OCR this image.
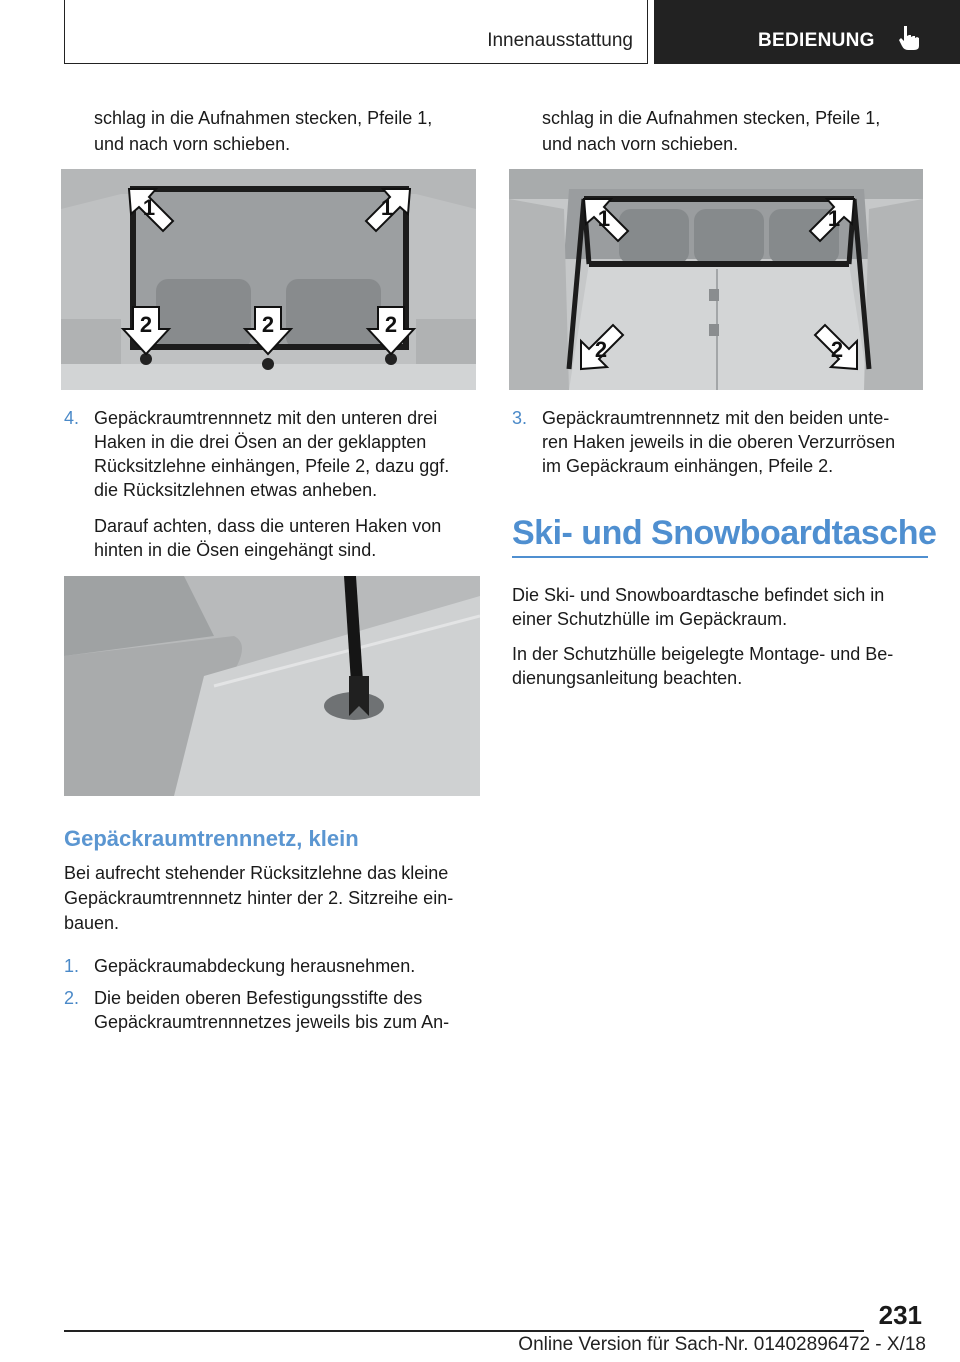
Innenausstattung	BEDIENUNG

schlag in die Aufnahmen stecken, Pfeile 1,

und nach vorn schieben.

1	1
2	2	2
4. Gepäckraumtrennnetz mit den unteren drei
Haken in die drei Ösen an der geklappten
Rücksitzlehne einhängen, Pfeile 2, dazu ggf.
die Rücksitzlehnen etwas anheben.

Darauf achten, dass die unteren Haken von

hinten in die Ösen eingehängt sind.

Gepäckraumtrennnetz, klein

Bei aufrecht stehender Rücksitzlehne das kleine

Gepäckraumtrennnetz hinter der 2. Sitzreihe ein-

bauen.

1. Gepäckraumabdeckung herausnehmen.
2. Die beiden oberen Befestigungsstifte des
Gepäckraumtrennnetzes jeweils bis zum An-

schlag in die Aufnahmen stecken, Pfeile 1,

und nach vorn schieben.

1	1
2	2
3. Gepäckraumtrennnetz mit den beiden unte-
ren Haken jeweils in die oberen Verzurrösen
im Gepäckraum einhängen, Pfeile 2.
Ski- und Snowboardtasche

Die Ski- und Snowboardtasche befindet sich in

einer Schutzhülle im Gepäckraum.

In der Schutzhülle beigelegte Montage- und Be-

dienungsanleitung beachten.

231
Online Version für Sach-Nr. 01402896472 - X/18
